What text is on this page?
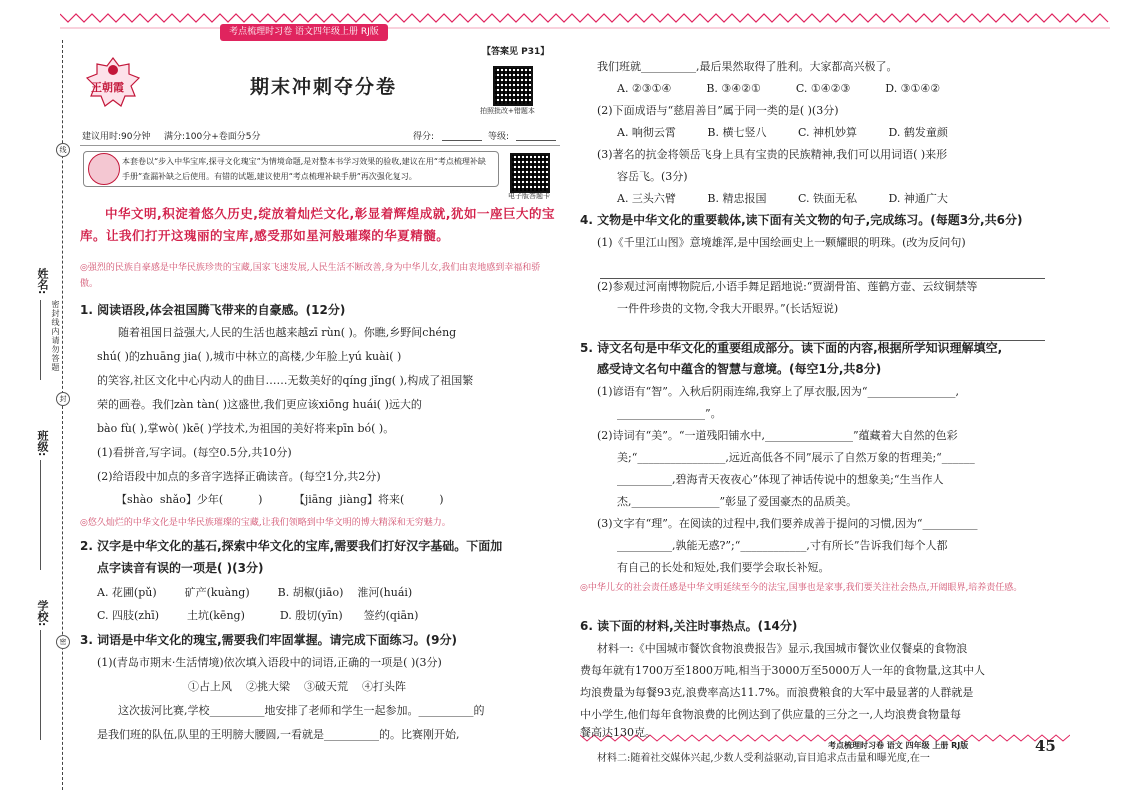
线
封
密
姓名:
密封线内请勿答题
班级:
学校:
考点梳理时习卷 语文四年级上册 RJ版
【答案见 P31】
王朝霞	期末冲刺夺分卷
拍照批改+错题本
电子版答题卡
建议用时:90分钟 满分:100分+卷面分5分	得分:	等级:
本套卷以“步入中华宝库,探寻文化瑰宝”为情境命题,是对整本书学习效果的验收,建议在用“考点梳理补缺手册”查漏补缺之后使用。有错的试题,建议使用“考点梳理补缺手册”再次强化复习。
中华文明,积淀着悠久历史,绽放着灿烂文化,彰显着辉煌成就,犹如一座巨大的宝库。让我们打开这瑰丽的宝库,感受那如星河般璀璨的华夏精髓。
◎强烈的民族自豪感是中华民族珍贵的宝藏,国家飞速发展,人民生活不断改善,身为中华儿女,我们由衷地感到幸福和骄傲。
1. 阅读语段,体会祖国腾飞带来的自豪感。(12分)
随着祖国日益强大,人民的生活也越来越zī rùn( )。你瞧,乡野间chéng
shú( )的zhuāng jia( ),城市中林立的高楼,少年脸上yú kuài( )
的笑容,社区文化中心内动人的曲目……无数美好的qíng jǐng( ),构成了祖国繁
荣的画卷。我们zàn tàn( )这盛世,我们更应该xiōng huái( )远大的
bào fù( ),掌wò( )kē( )学技术,为祖国的美好将来pīn bó( )。
(1)看拼音,写字词。(每空0.5分,共10分)
(2)给语段中加点的多音字选择正确读音。(每空1分,共2分)
【shào  shǎo】少年(          )         【jiāng  jiàng】将来(          )
◎悠久灿烂的中华文化是中华民族璀璨的宝藏,让我们领略到中华文明的博大精深和无穷魅力。
2. 汉字是中华文化的基石,探索中华文化的宝库,需要我们打好汉字基础。下面加
点字读音有误的一项是( )(3分)
A. 花圃(pǔ)        矿产(kuàng)        B. 胡椒(jiāo)    淮河(huái)
C. 四肢(zhī)        土坑(kēng)          D. 殷切(yīn)      签约(qiān)
3. 词语是中华文化的瑰宝,需要我们牢固掌握。请完成下面练习。(9分)
(1)(青岛市期末·生活情境)依次填入语段中的词语,正确的一项是( )(3分)
①占上风    ②挑大梁    ③破天荒    ④打头阵
这次拔河比赛,学校__________地安排了老师和学生一起参加。__________的
是我们班的队伍,队里的王明膀大腰圆,一看就是__________的。比赛刚开始,
我们班就__________,最后果然取得了胜利。大家都高兴极了。
A. ②③①④          B. ③④②①          C. ①④②③          D. ③①④②
(2)下面成语与“慈眉善目”属于同一类的是( )(3分)
A. 响彻云霄         B. 横七竖八         C. 神机妙算         D. 鹤发童颜
(3)著名的抗金将领岳飞身上具有宝贵的民族精神,我们可以用词语( )来形
容岳飞。(3分)
A. 三头六臂         B. 精忠报国         C. 铁面无私         D. 神通广大
4. 文物是中华文化的重要载体,读下面有关文物的句子,完成练习。(每题3分,共6分)
(1)《千里江山图》意境雄浑,是中国绘画史上一颗耀眼的明珠。(改为反问句)
(2)参观过河南博物院后,小语手舞足蹈地说:“贾湖骨笛、莲鹤方壶、云纹铜禁等
一件件珍贵的文物,令我大开眼界。”(长话短说)
5. 诗文名句是中华文化的重要组成部分。读下面的内容,根据所学知识理解填空,
感受诗文名句中蕴含的智慧与意境。(每空1分,共8分)
(1)谚语有“智”。入秋后阴雨连绵,我穿上了厚衣服,因为“________________,
________________”。
(2)诗词有“美”。“一道残阳铺水中,________________”蕴藏着大自然的色彩
美;“________________,远近高低各不同”展示了自然万象的哲理美;“______
__________,碧海青天夜夜心”体现了神话传说中的想象美;“生当作人
杰,________________”彰显了爱国豪杰的品质美。
(3)文字有“理”。在阅读的过程中,我们要养成善于提问的习惯,因为“__________
__________,孰能无惑?”;“____________,寸有所长”告诉我们每个人都
有自己的长处和短处,我们要学会取长补短。
◎中华儿女的社会责任感是中华文明延续至今的法宝,国事也是家事,我们要关注社会热点,开阔眼界,培养责任感。
6. 读下面的材料,关注时事热点。(14分)
材料一:《中国城市餐饮食物浪费报告》显示,我国城市餐饮业仅餐桌的食物浪
费每年就有1700万至1800万吨,相当于3000万至5000万人一年的食物量,这其中人
均浪费量为每餐93克,浪费率高达11.7%。而浪费粮食的大军中最显著的人群就是
中小学生,他们每年食物浪费的比例达到了供应量的三分之一,人均浪费食物量每
餐高达130克。
材料二:随着社交媒体兴起,少数人受利益驱动,盲目追求点击量和曝光度,在一
考点梳理时习卷 语文 四年级 上册 RJ版	45
